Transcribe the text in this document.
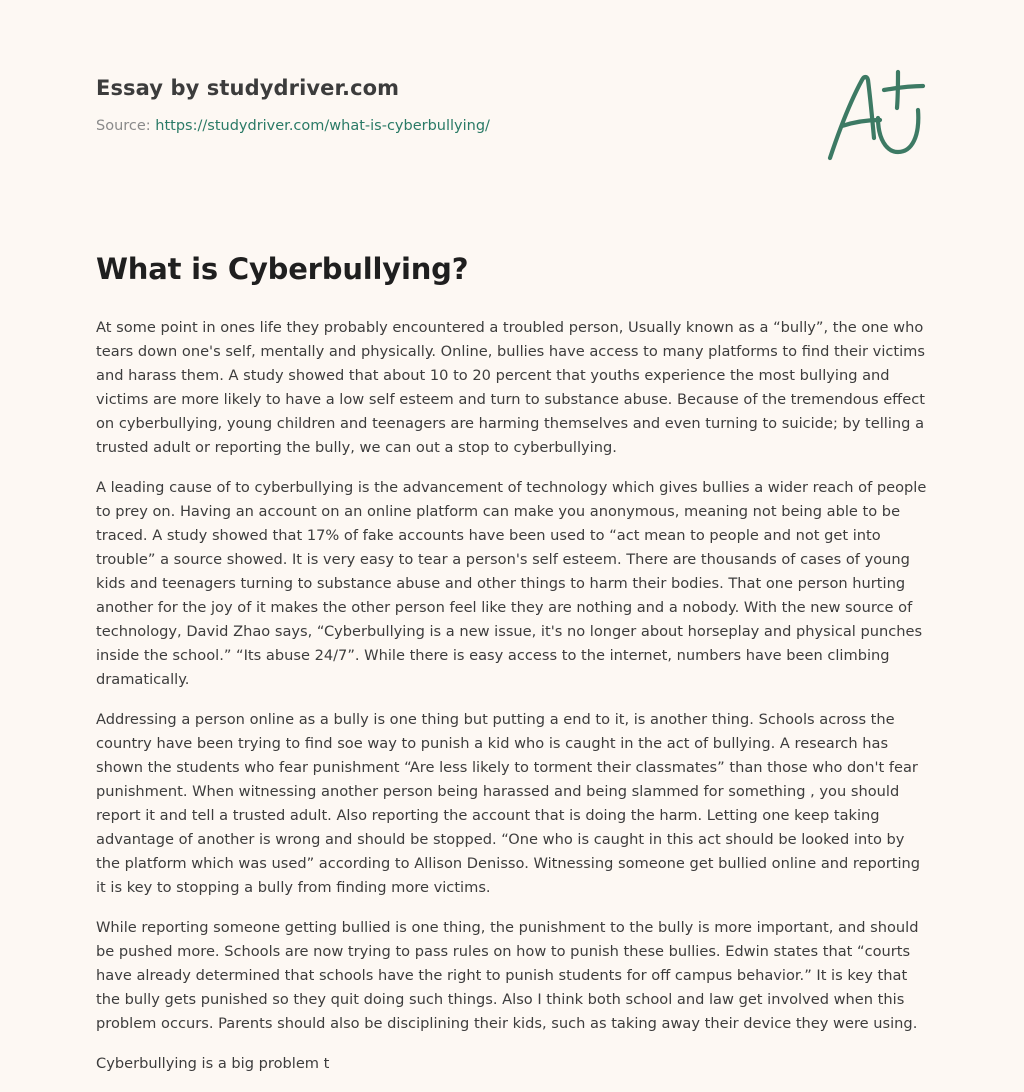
Essay by studydriver.com
Source: https://studydriver.com/what-is-cyberbullying/
What is Cyberbullying?

At some point in ones life they probably encountered a troubled person, Usually known as a “bully”, the one who tears down one's self, mentally and physically. Online, bullies have access to many platforms to find their victims and harass them. A study showed that about 10 to 20 percent that youths experience the most bullying and victims are more likely to have a low self esteem and turn to substance abuse. Because of the tremendous effect on cyberbullying, young children and teenagers are harming themselves and even turning to suicide; by telling a trusted adult or reporting the bully, we can out a stop to cyberbullying.

A leading cause of to cyberbullying is the advancement of technology which gives bullies a wider reach of people to prey on. Having an account on an online platform can make you anonymous, meaning not being able to be traced. A study showed that 17% of fake accounts have been used to “act mean to people and not get into trouble” a source showed. It is very easy to tear a person's self esteem. There are thousands of cases of young kids and teenagers turning to substance abuse and other things to harm their bodies. That one person hurting another for the joy of it makes the other person feel like they are nothing and a nobody. With the new source of technology, David Zhao says, “Cyberbullying is a new issue, it's no longer about horseplay and physical punches inside the school.” “Its abuse 24/7”. While there is easy access to the internet, numbers have been climbing dramatically.

Addressing a person online as a bully is one thing but putting a end to it, is another thing. Schools across the country have been trying to find soe way to punish a kid who is caught in the act of bullying. A research has shown the students who fear punishment “Are less likely to torment their classmates” than those who don't fear punishment. When witnessing another person being harassed and being slammed for something , you should report it and tell a trusted adult. Also reporting the account that is doing the harm. Letting one keep taking advantage of another is wrong and should be stopped. “One who is caught in this act should be looked into by the platform which was used” according to Allison Denisso. Witnessing someone get bullied online and reporting it is key to stopping a bully from finding more victims.

While reporting someone getting bullied is one thing, the punishment to the bully is more important, and should be pushed more. Schools are now trying to pass rules on how to punish these bullies. Edwin states that “courts have already determined that schools have the right to punish students for off campus behavior.” It is key that the bully gets punished so they quit doing such things. Also I think both school and law get involved when this problem occurs. Parents should also be disciplining their kids, such as taking away their device they were using.

Cyberbullying is a big problem t
